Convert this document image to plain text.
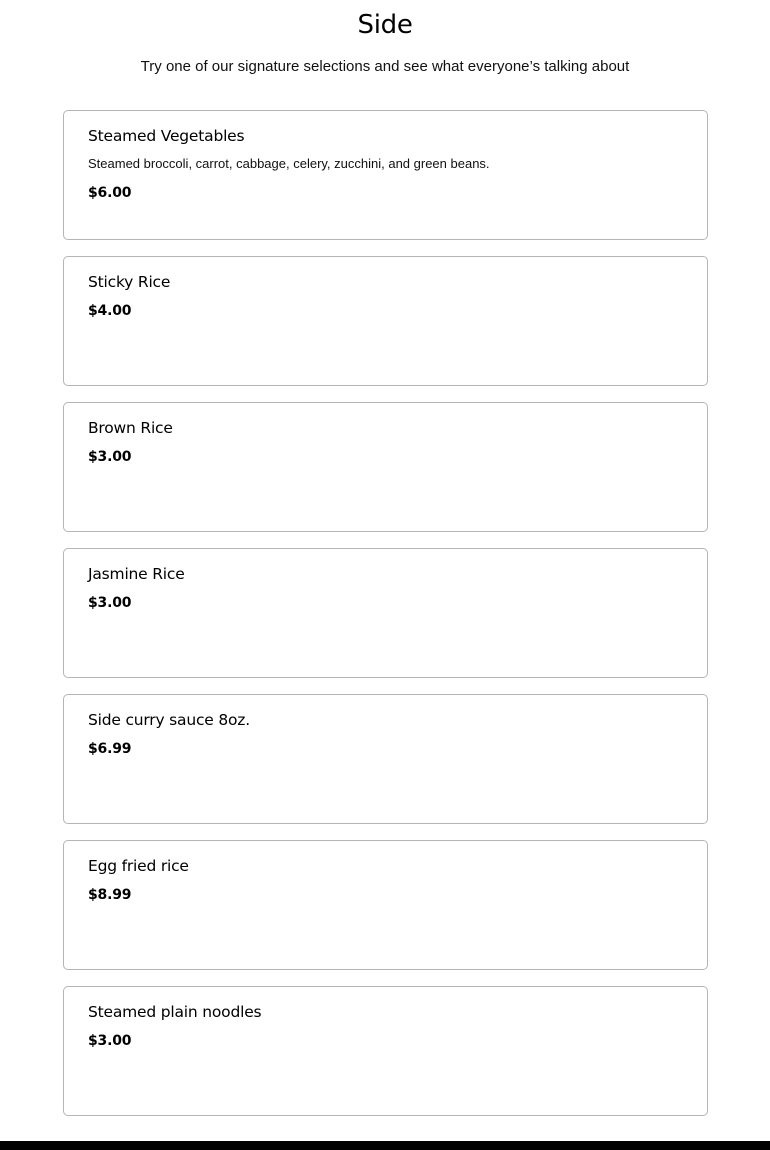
Side
Try one of our signature selections and see what everyone’s talking about
Steamed Vegetables
Steamed broccoli, carrot, cabbage, celery, zucchini, and green beans.
$6.00
Sticky Rice
$4.00
Brown Rice
$3.00
Jasmine Rice
$3.00
Side curry sauce 8oz.
$6.99
Egg fried rice
$8.99
Steamed plain noodles
$3.00
